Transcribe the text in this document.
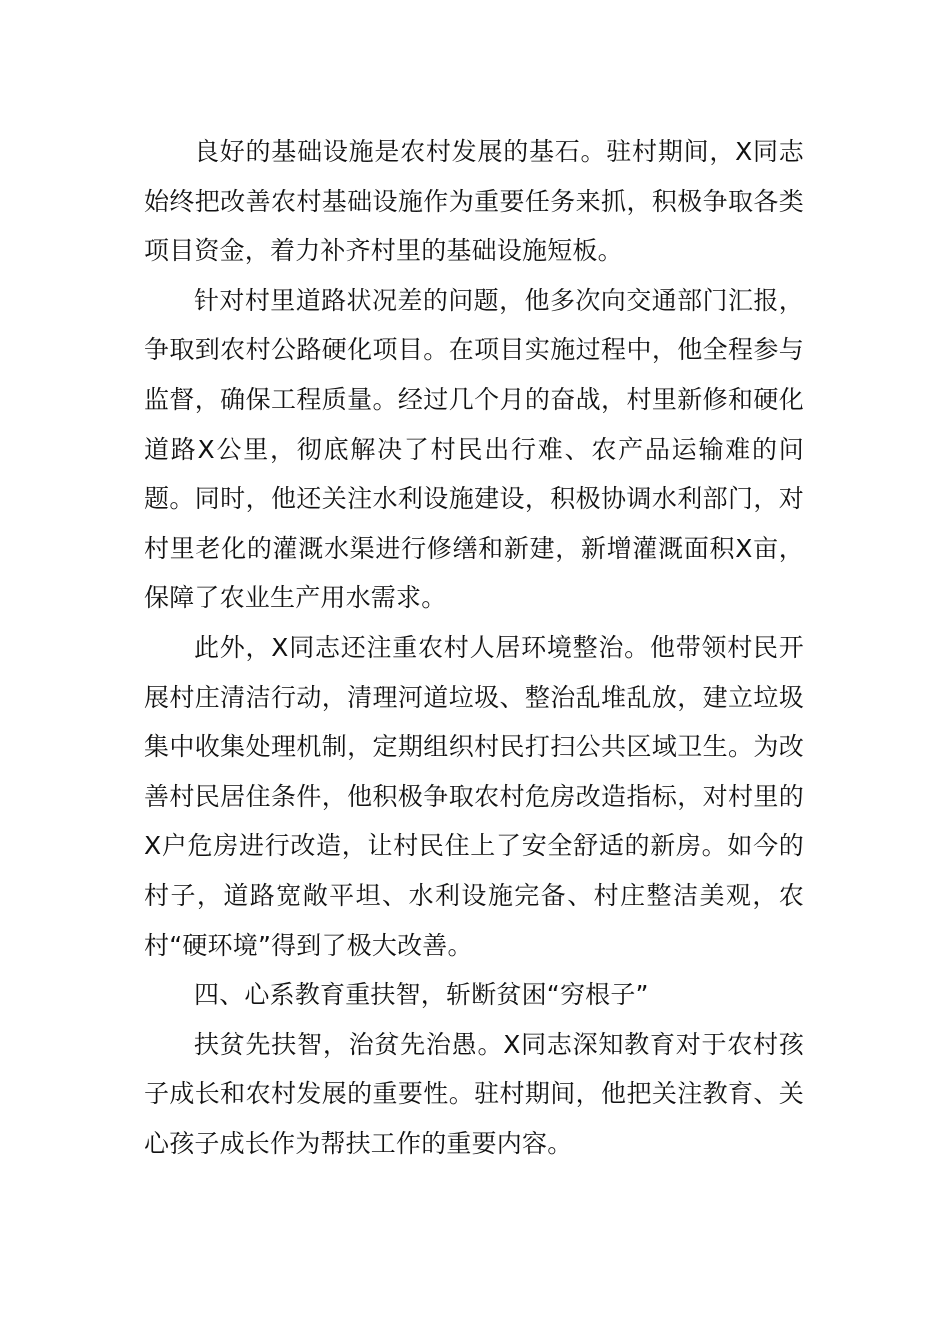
良好的基础设施是农村发展的基石。驻村期间，X同志始终把改善农村基础设施作为重要任务来抓，积极争取各类项目资金，着力补齐村里的基础设施短板。

针对村里道路状况差的问题，他多次向交通部门汇报，争取到农村公路硬化项目。在项目实施过程中，他全程参与监督，确保工程质量。经过几个月的奋战，村里新修和硬化道路X公里，彻底解决了村民出行难、农产品运输难的问题。同时，他还关注水利设施建设，积极协调水利部门，对村里老化的灌溉水渠进行修缮和新建，新增灌溉面积X亩，保障了农业生产用水需求。

此外，X同志还注重农村人居环境整治。他带领村民开展村庄清洁行动，清理河道垃圾、整治乱堆乱放，建立垃圾集中收集处理机制，定期组织村民打扫公共区域卫生。为改善村民居住条件，他积极争取农村危房改造指标，对村里的X户危房进行改造，让村民住上了安全舒适的新房。如今的村子，道路宽敞平坦、水利设施完备、村庄整洁美观，农村“硬环境”得到了极大改善。

四、心系教育重扶智，斩断贫困“穷根子”

扶贫先扶智，治贫先治愚。X同志深知教育对于农村孩子成长和农村发展的重要性。驻村期间，他把关注教育、关心孩子成长作为帮扶工作的重要内容。
